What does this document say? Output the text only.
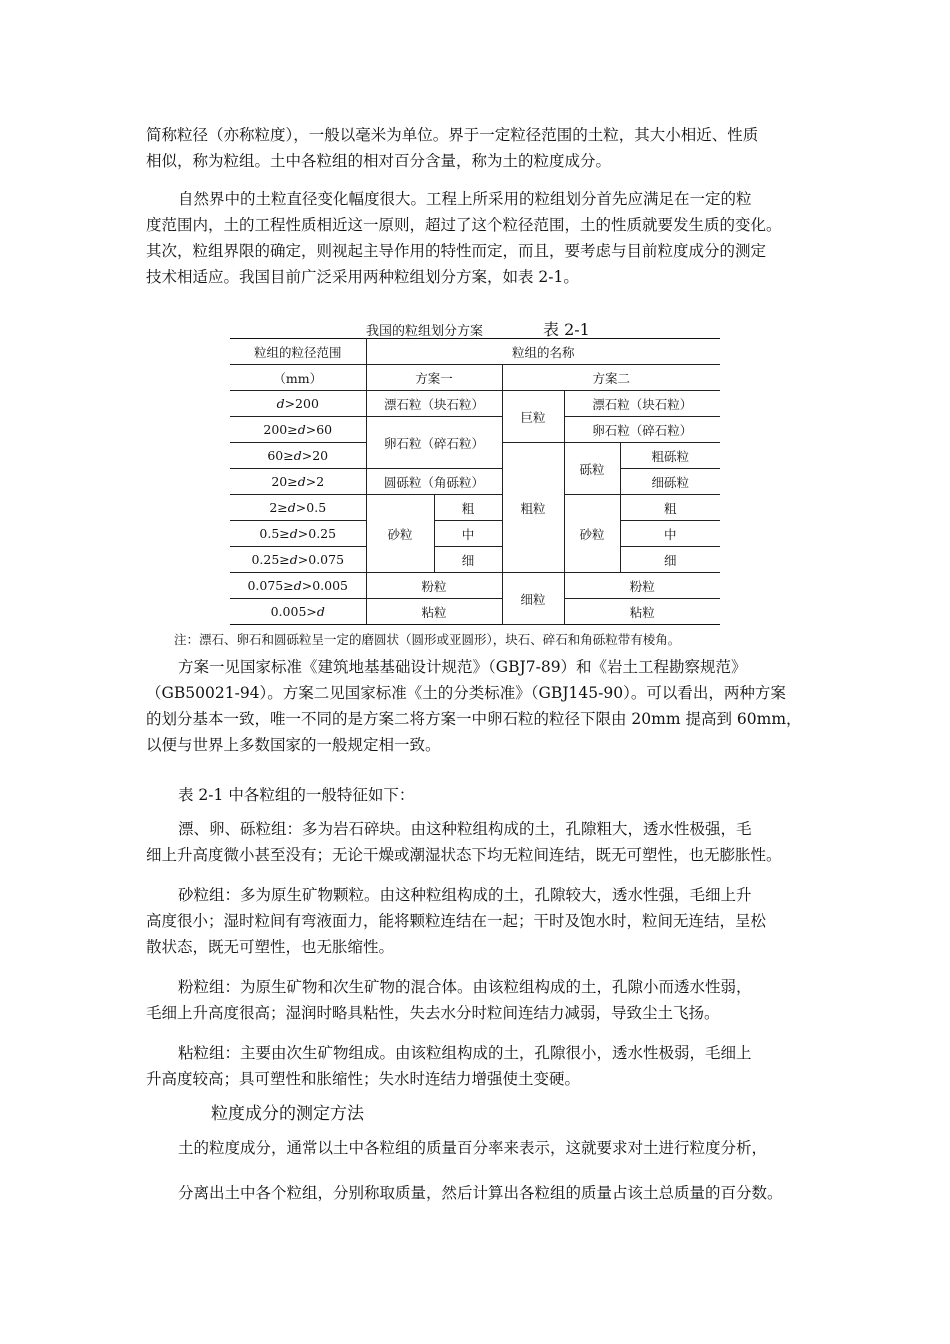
简称粒径（亦称粒度），一般以毫米为单位。界于一定粒径范围的土粒，其大小相近、性质
相似，称为粒组。土中各粒组的相对百分含量，称为土的粒度成分。
自然界中的土粒直径变化幅度很大。工程上所采用的粒组划分首先应满足在一定的粒
度范围内，土的工程性质相近这一原则，超过了这个粒径范围，土的性质就要发生质的变化。
其次，粒组界限的确定，则视起主导作用的特性而定，而且，要考虑与目前粒度成分的测定
技术相适应。我国目前广泛采用两种粒组划分方案，如表 2-1。
我国的粒组划分方案	表 2-1
粒组的粒径范围	粒组的名称				
（mm）	方案一		方案二		
d>200	漂石粒（块石粒）		巨粒	漂石粒（块石粒）	
200≥d>60	卵石粒（碎石粒）			卵石粒（碎石粒）	
60≥d>20			粗粒	砾粒	粗砾粒
20≥d>2	圆砾粒（角砾粒）				细砾粒
2≥d>0.5	砂粒	粗		砂粒	粗
0.5≥d>0.25		中			中
0.25≥d>0.075		细			细
0.075≥d>0.005	粉粒		细粒	粉粒	
0.005>d	粘粒			粘粒	
注：漂石、卵石和圆砾粒呈一定的磨圆状（圆形或亚圆形），块石、碎石和角砾粒带有棱角。
方案一见国家标准《建筑地基基础设计规范》（GBJ7-89）和《岩土工程勘察规范》
（GB50021-94）。方案二见国家标准《土的分类标准》（GBJ145-90）。可以看出，两种方案
的划分基本一致，唯一不同的是方案二将方案一中卵石粒的粒径下限由 20mm 提高到 60mm，
以便与世界上多数国家的一般规定相一致。
表 2-1 中各粒组的一般特征如下：
漂、卵、砾粒组：多为岩石碎块。由这种粒组构成的土，孔隙粗大，透水性极强，毛
细上升高度微小甚至没有；无论干燥或潮湿状态下均无粒间连结，既无可塑性，也无膨胀性。
砂粒组：多为原生矿物颗粒。由这种粒组构成的土，孔隙较大，透水性强，毛细上升
高度很小；湿时粒间有弯液面力，能将颗粒连结在一起；干时及饱水时，粒间无连结，呈松
散状态，既无可塑性，也无胀缩性。
粉粒组：为原生矿物和次生矿物的混合体。由该粒组构成的土，孔隙小而透水性弱，
毛细上升高度很高；湿润时略具粘性，失去水分时粒间连结力减弱，导致尘土飞扬。
粘粒组：主要由次生矿物组成。由该粒组构成的土，孔隙很小，透水性极弱，毛细上
升高度较高；具可塑性和胀缩性；失水时连结力增强使土变硬。
粒度成分的测定方法
土的粒度成分，通常以土中各粒组的质量百分率来表示，这就要求对土进行粒度分析，
分离出土中各个粒组，分别称取质量，然后计算出各粒组的质量占该土总质量的百分数。
